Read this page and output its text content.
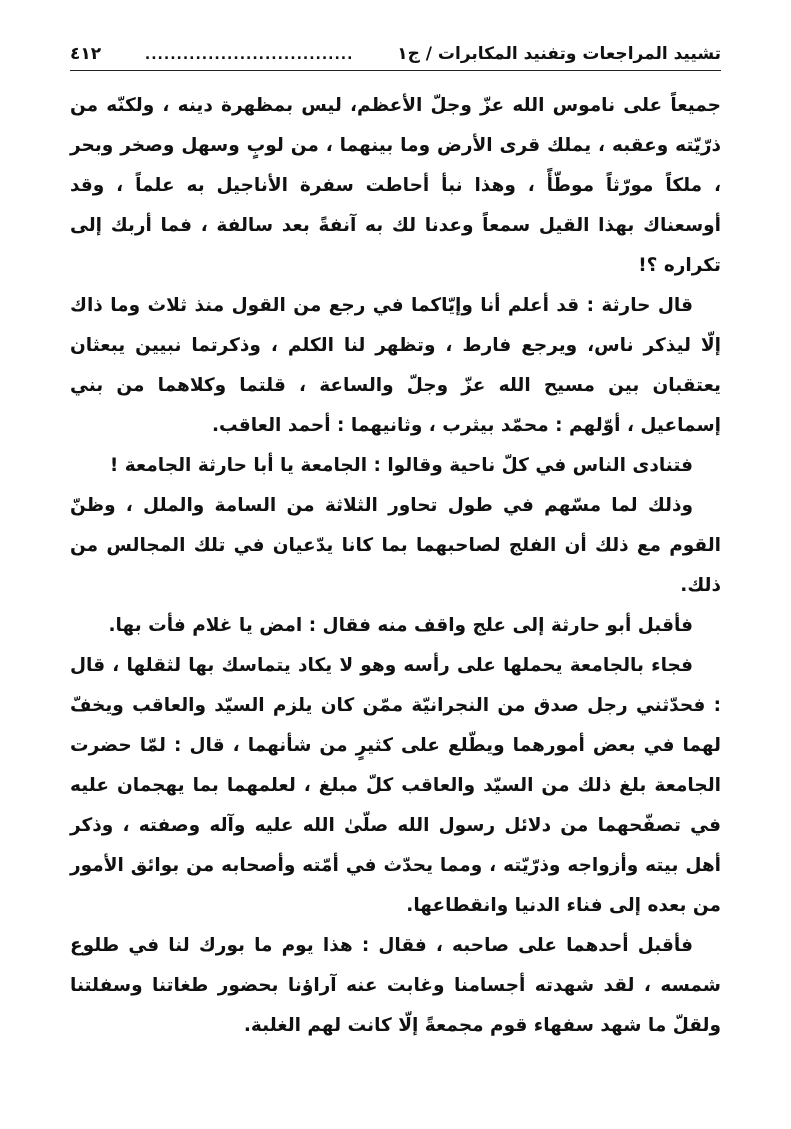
تشييد المراجعات وتفنيد المكابرات / ج١
.................................
٤١٢

جميعاً على ناموس الله عزّ وجلّ الأعظم، ليس بمظهرة دينه ، ولكنّه من ذرّيّته وعقبه ، يملك قرى الأرض وما بينهما ، من لوبٍ وسهل وصخر وبحر ، ملكاً مورّثاً موطّأً ، وهذا نبأ أحاطت سفرة الأناجيل به علماً ، وقد أوسعناك بهذا القيل سمعاً وعدنا لك به آنفةً بعد سالفة ، فما أربك إلى تكراره ؟!

قال حارثة : قد أعلم أنا وإيّاكما في رجع من القول منذ ثلاث وما ذاك إلّا ليذكر ناس، ويرجع فارط ، وتظهر لنا الكلم ، وذكرتما نبيين يبعثان يعتقبان بين مسيح الله عزّ وجلّ والساعة ، قلتما وكلاهما من بني إسماعيل ، أوّلهم : محمّد بيثرب ، وثانيهما : أحمد العاقب.

فتنادى الناس في كلّ ناحية وقالوا : الجامعة يا أبا حارثة الجامعة !

وذلك لما مسّهم في طول تحاور الثلاثة من السامة والملل ، وظنّ القوم مع ذلك أن الفلج لصاحبهما بما كانا يدّعيان في تلك المجالس من ذلك.

فأقبل أبو حارثة إلى علج واقف منه فقال : امض يا غلام فأت بها.

فجاء بالجامعة يحملها على رأسه وهو لا يكاد يتماسك بها لثقلها ، قال : فحدّثني رجل صدق من النجرانيّة ممّن كان يلزم السيّد والعاقب ويخفّ لهما في بعض أمورهما ويطّلع على كثيرٍ من شأنهما ، قال : لمّا حضرت الجامعة بلغ ذلك من السيّد والعاقب كلّ مبلغ ، لعلمهما بما يهجمان عليه في تصفّحهما من دلائل رسول الله صلّىٰ الله عليه وآله وصفته ، وذكر أهل بيته وأزواجه وذرّيّته ، ومما يحدّث في أمّته وأصحابه من بوائق الأمور من بعده إلى فناء الدنيا وانقطاعها.

فأقبل أحدهما على صاحبه ، فقال : هذا يوم ما بورك لنا في طلوع شمسه ، لقد شهدته أجسامنا وغابت عنه آراؤنا بحضور طغاتنا وسفلتنا ولقلّ ما شهد سفهاء قوم مجمعةً إلّا كانت لهم الغلبة.
